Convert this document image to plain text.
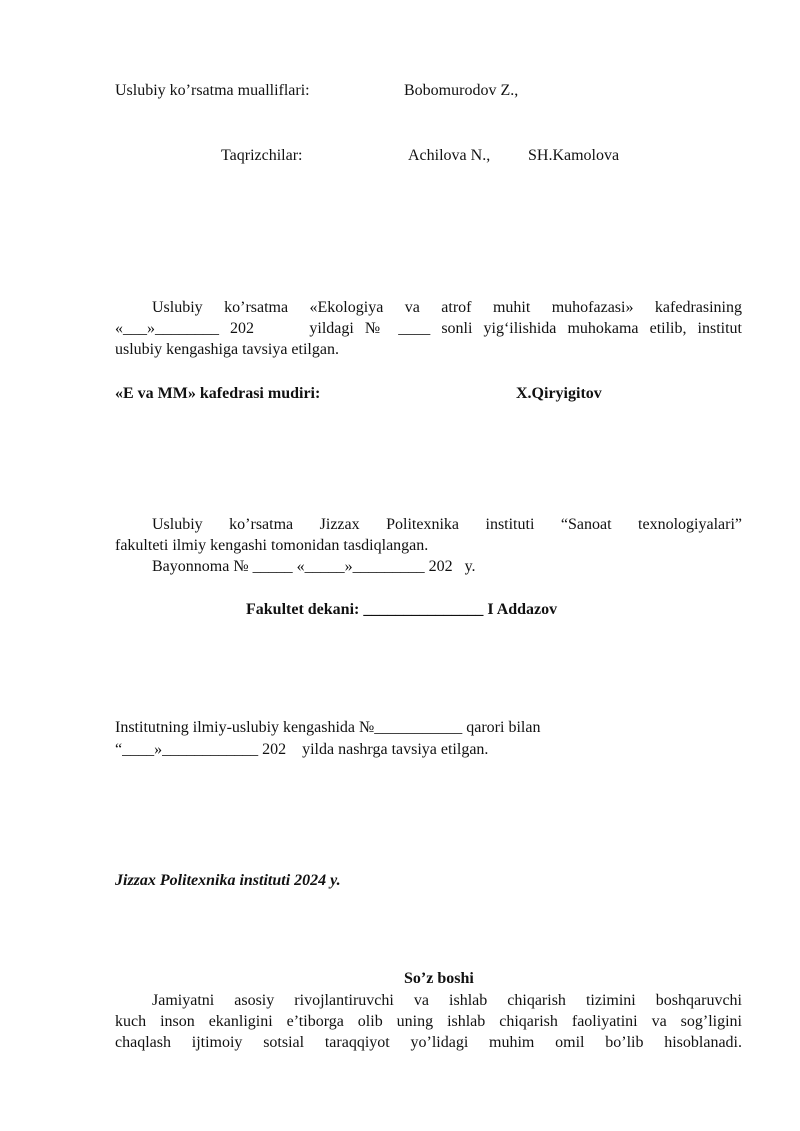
Uslubiy ko’rsatma mualliflari:	Bobomurodov Z.,
Taqrizchilar:	Achilova N., SH.Kamolova
Uslubiy ko’rsatma «Ekologiya va atrof muhit muhofazasi» kafedrasining
«___»________ 202     yildagi № ____ sonli yig‘ilishida muhokama etilib, institut
uslubiy kengashiga tavsiya etilgan.
«E va MM» kafedrasi mudiri:	X.Qiryigitov
Uslubiy ko’rsatma Jizzax Politexnika instituti “Sanoat texnologiyalari”
fakulteti ilmiy kengashi tomonidan tasdiqlangan.
Bayonnoma № _____ «_____»_________ 202   y.
Fakultet dekani: _______________ I Addazov
Institutning ilmiy-uslubiy kengashida №___________ qarori bilan
“____»____________ 202    yilda nashrga tavsiya etilgan.
Jizzax Politexnika instituti 2024 y.
So’z boshi
Jamiyatni asosiy rivojlantiruvchi va ishlab chiqarish tizimini boshqaruvchi
kuch inson ekanligini e’tiborga olib uning ishlab chiqarish faoliyatini va sog’ligini
chaqlash ijtimoiy sotsial taraqqiyot yo’lidagi muhim omil bo’lib hisoblanadi.
